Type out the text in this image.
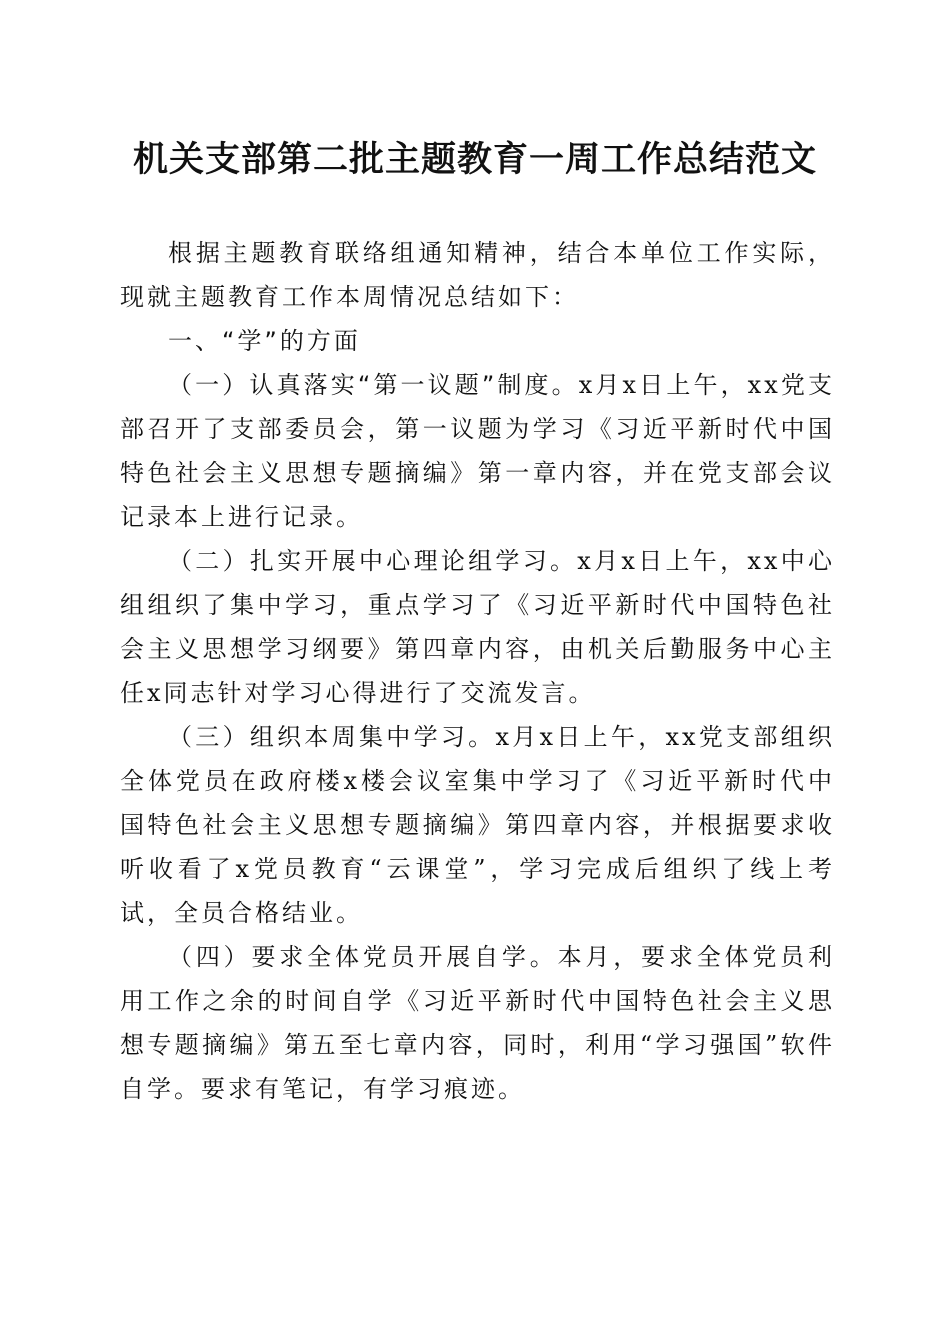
机关支部第二批主题教育一周工作总结范文

根据主题教育联络组通知精神，结合本单位工作实际，现就主题教育工作本周情况总结如下：

一、“学”的方面

（一）认真落实“第一议题”制度。x月x日上午，xx党支部召开了支部委员会，第一议题为学习《习近平新时代中国特色社会主义思想专题摘编》第一章内容，并在党支部会议记录本上进行记录。

（二）扎实开展中心理论组学习。x月x日上午，xx中心组组织了集中学习，重点学习了《习近平新时代中国特色社会主义思想学习纲要》第四章内容，由机关后勤服务中心主任x同志针对学习心得进行了交流发言。

（三）组织本周集中学习。x月x日上午，xx党支部组织全体党员在政府楼x楼会议室集中学习了《习近平新时代中国特色社会主义思想专题摘编》第四章内容，并根据要求收听收看了x党员教育“云课堂”，学习完成后组织了线上考试，全员合格结业。

（四）要求全体党员开展自学。本月，要求全体党员利用工作之余的时间自学《习近平新时代中国特色社会主义思想专题摘编》第五至七章内容，同时，利用“学习强国”软件自学。要求有笔记，有学习痕迹。
